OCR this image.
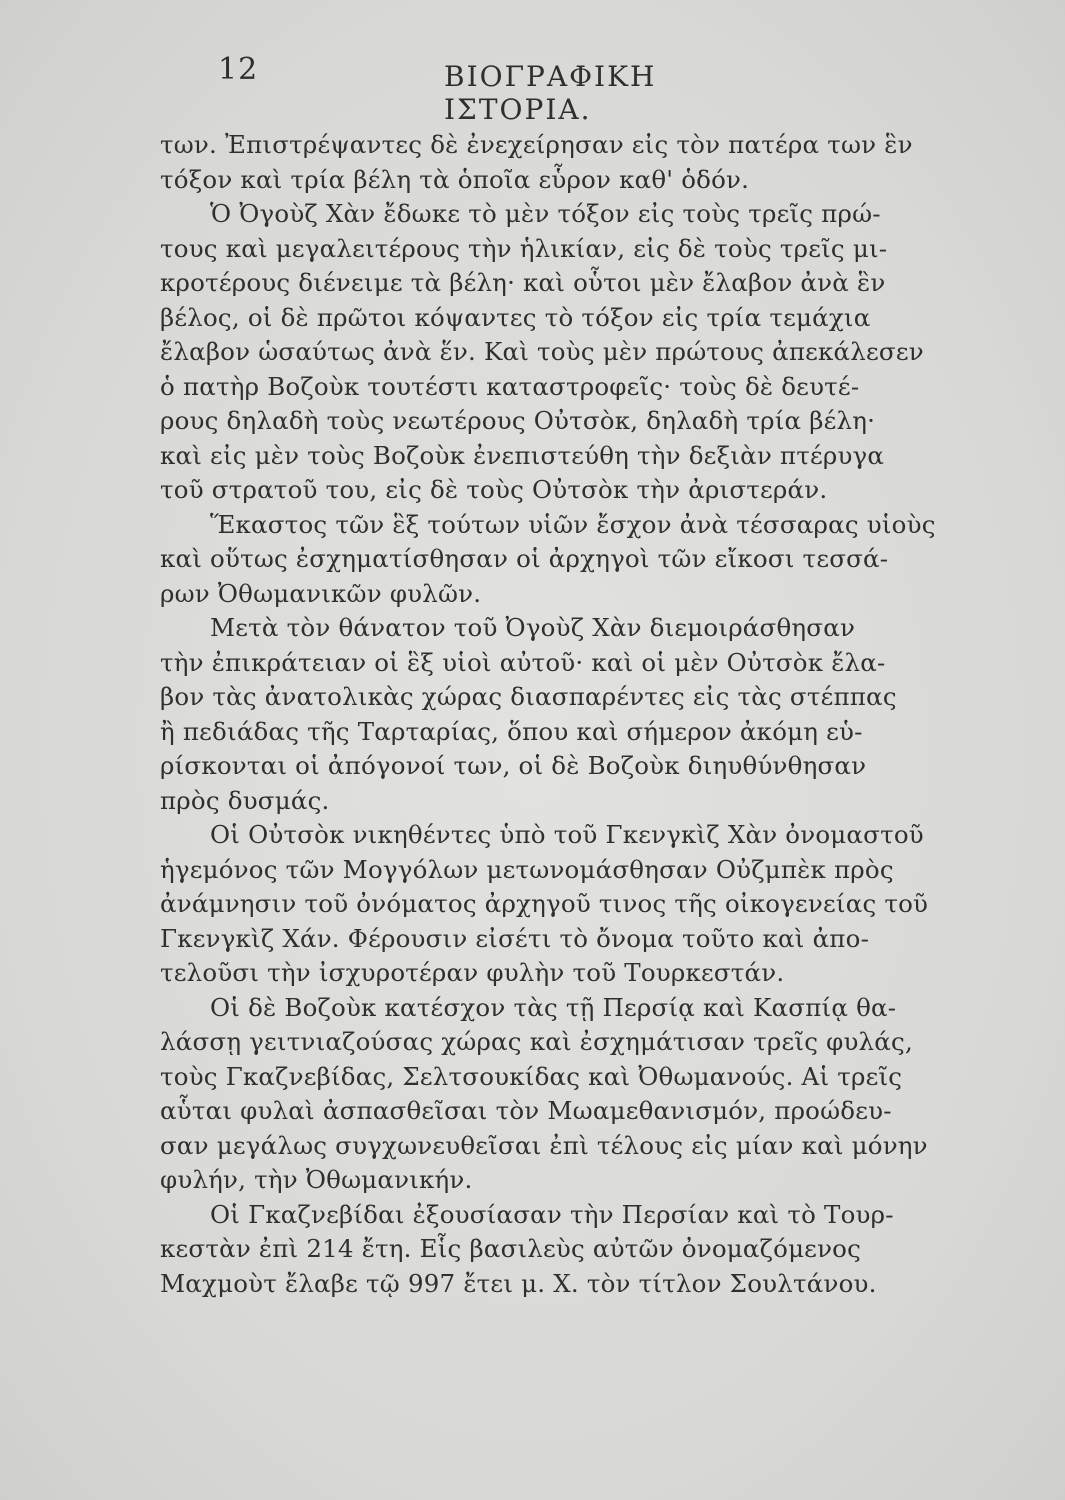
12	ΒΙΟΓΡΑΦΙΚΗ ΙΣΤΟΡΙΑ.
των. Ἐπιστρέψαντες δὲ ἐνεχείρησαν εἰς τὸν πατέρα των ἓν
τόξον καὶ τρία βέλη τὰ ὁποῖα εὗρον καθ' ὁδόν.
Ὁ Ὀγοὺζ Χὰν ἔδωκε τὸ μὲν τόξον εἰς τοὺς τρεῖς πρώ-
τους καὶ μεγαλειτέρους τὴν ἡλικίαν, εἰς δὲ τοὺς τρεῖς μι-
κροτέρους διένειμε τὰ βέλη· καὶ οὗτοι μὲν ἔλαβον ἀνὰ ἓν
βέλος, οἱ δὲ πρῶτοι κόψαντες τὸ τόξον εἰς τρία τεμάχια
ἔλαβον ὡσαύτως ἀνὰ ἕν. Καὶ τοὺς μὲν πρώτους ἀπεκάλεσεν
ὁ πατὴρ Βοζοὺκ τουτέστι καταστροφεῖς· τοὺς δὲ δευτέ-
ρους δηλαδὴ τοὺς νεωτέρους Οὐτσὸκ, δηλαδὴ τρία βέλη·
καὶ εἰς μὲν τοὺς Βοζοὺκ ἐνεπιστεύθη τὴν δεξιὰν πτέρυγα
τοῦ στρατοῦ του, εἰς δὲ τοὺς Οὐτσὸκ τὴν ἀριστεράν.
Ἕκαστος τῶν ἓξ τούτων υἱῶν ἔσχον ἀνὰ τέσσαρας υἱοὺς
καὶ οὕτως ἐσχηματίσθησαν οἱ ἀρχηγοὶ τῶν εἴκοσι τεσσά-
ρων Ὀθωμανικῶν φυλῶν.
Μετὰ τὸν θάνατον τοῦ Ὀγοὺζ Χὰν διεμοιράσθησαν
τὴν ἐπικράτειαν οἱ ἓξ υἱοὶ αὐτοῦ· καὶ οἱ μὲν Οὐτσὸκ ἔλα-
βον τὰς ἀνατολικὰς χώρας διασπαρέντες εἰς τὰς στέππας
ἢ πεδιάδας τῆς Ταρταρίας, ὅπου καὶ σήμερον ἀκόμη εὑ-
ρίσκονται οἱ ἀπόγονοί των, οἱ δὲ Βοζοὺκ διηυθύνθησαν
πρὸς δυσμάς.
Οἱ Οὐτσὸκ νικηθέντες ὑπὸ τοῦ Γκενγκὶζ Χὰν ὀνομαστοῦ
ἡγεμόνος τῶν Μογγόλων μετωνομάσθησαν Οὐζμπὲκ πρὸς
ἀνάμνησιν τοῦ ὀνόματος ἀρχηγοῦ τινος τῆς οἰκογενείας τοῦ
Γκενγκὶζ Χάν. Φέρουσιν εἰσέτι τὸ ὄνομα τοῦτο καὶ ἀπο-
τελοῦσι τὴν ἰσχυροτέραν φυλὴν τοῦ Τουρκεστάν.
Οἱ δὲ Βοζοὺκ κατέσχον τὰς τῇ Περσίᾳ καὶ Κασπίᾳ θα-
λάσσῃ γειτνιαζούσας χώρας καὶ ἐσχημάτισαν τρεῖς φυλάς,
τοὺς Γκαζνεβίδας, Σελτσουκίδας καὶ Ὀθωμανούς. Αἱ τρεῖς
αὗται φυλαὶ ἀσπασθεῖσαι τὸν Μωαμεθανισμόν, προώδευ-
σαν μεγάλως συγχωνευθεῖσαι ἐπὶ τέλους εἰς μίαν καὶ μόνην
φυλήν, τὴν Ὀθωμανικήν.
Οἱ Γκαζνεβίδαι ἐξουσίασαν τὴν Περσίαν καὶ τὸ Τουρ-
κεστὰν ἐπὶ 214 ἔτη. Εἷς βασιλεὺς αὐτῶν ὀνομαζόμενος
Μαχμοὺτ ἔλαβε τῷ 997 ἔτει μ. Χ. τὸν τίτλον Σουλτάνου.
